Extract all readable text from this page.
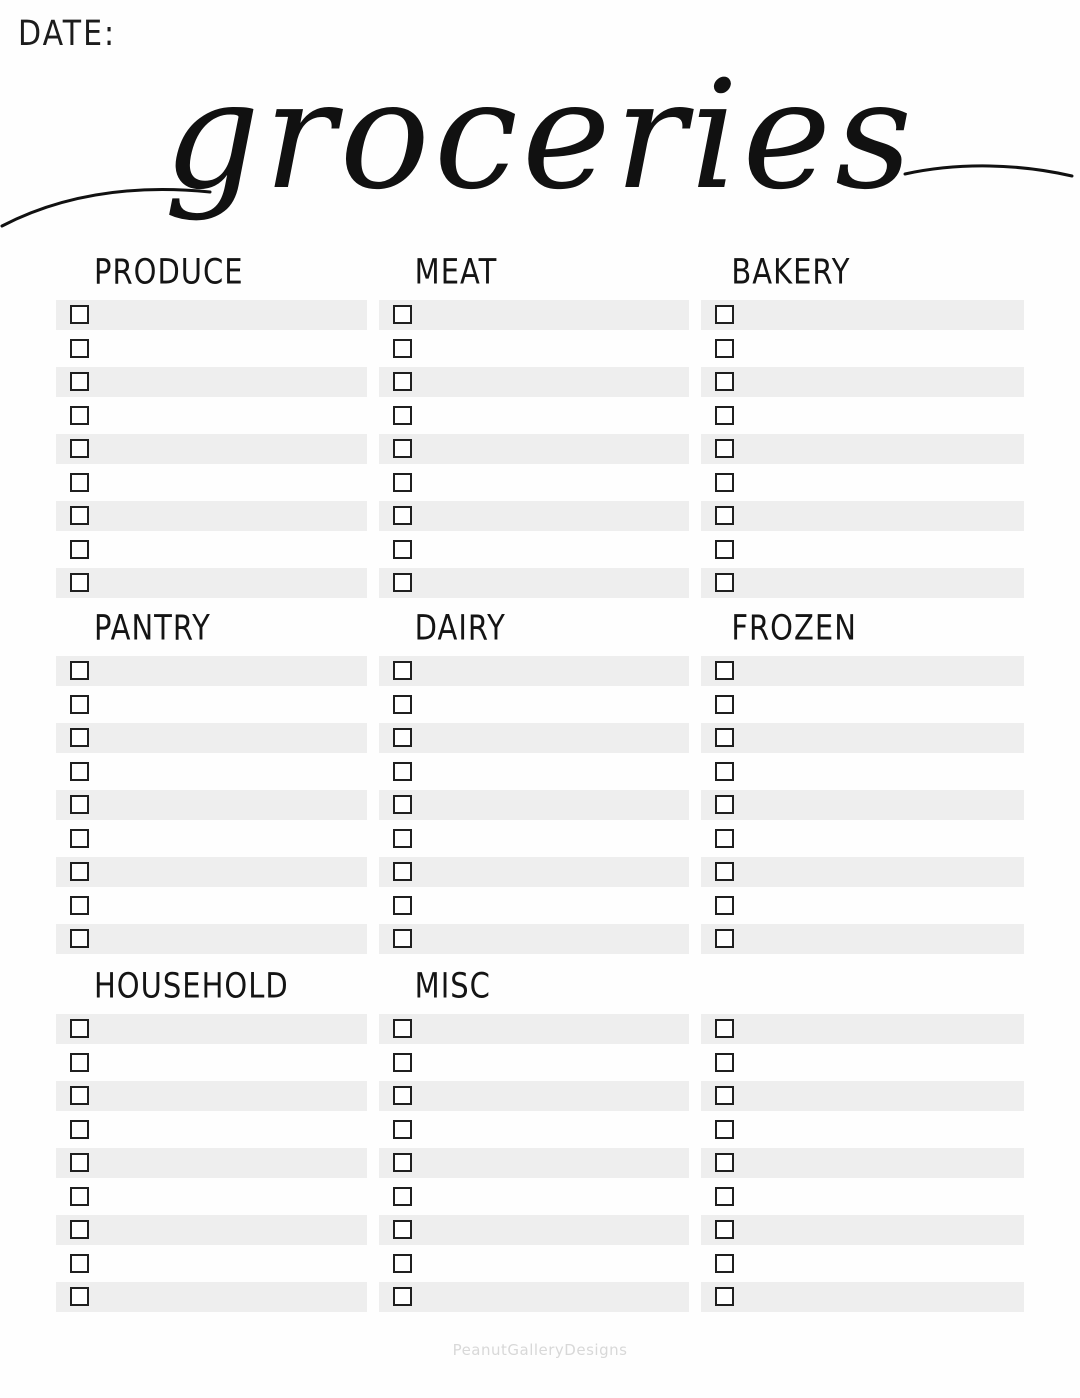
DATE:
groceries
PRODUCE	MEAT	BAKERY
PANTRY	DAIRY	FROZEN
HOUSEHOLD	MISC
PeanutGalleryDesigns
